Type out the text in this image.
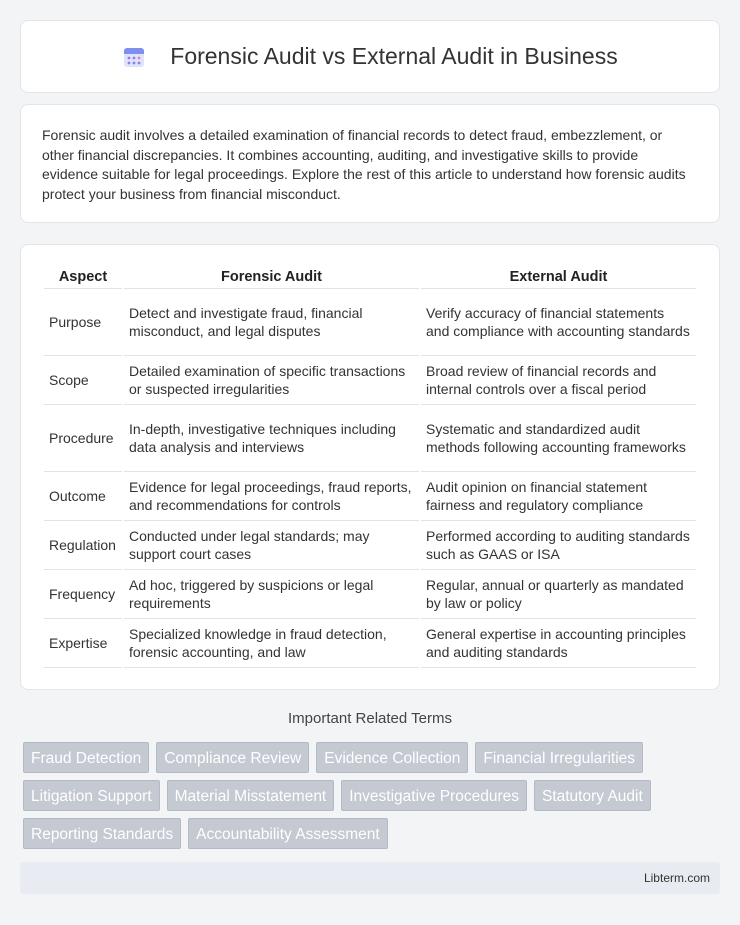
Forensic Audit vs External Audit in Business

Forensic audit involves a detailed examination of financial records to detect fraud, embezzlement, or other financial discrepancies. It combines accounting, auditing, and investigative skills to provide evidence suitable for legal proceedings. Explore the rest of this article to understand how forensic audits protect your business from financial misconduct.

Aspect	Forensic Audit	External Audit
Purpose	Detect and investigate fraud, financial misconduct, and legal disputes	Verify accuracy of financial statements and compliance with accounting standards
Scope	Detailed examination of specific transactions or suspected irregularities	Broad review of financial records and internal controls over a fiscal period
Procedure	In-depth, investigative techniques including data analysis and interviews	Systematic and standardized audit methods following accounting frameworks
Outcome	Evidence for legal proceedings, fraud reports, and recommendations for controls	Audit opinion on financial statement fairness and regulatory compliance
Regulation	Conducted under legal standards; may support court cases	Performed according to auditing standards such as GAAS or ISA
Frequency	Ad hoc, triggered by suspicions or legal requirements	Regular, annual or quarterly as mandated by law or policy
Expertise	Specialized knowledge in fraud detection, forensic accounting, and law	General expertise in accounting principles and auditing standards
Important Related Terms
Fraud Detection	Compliance Review	Evidence Collection	Financial Irregularities
Litigation Support	Material Misstatement	Investigative Procedures	Statutory Audit
Reporting Standards	Accountability Assessment
Libterm.com
